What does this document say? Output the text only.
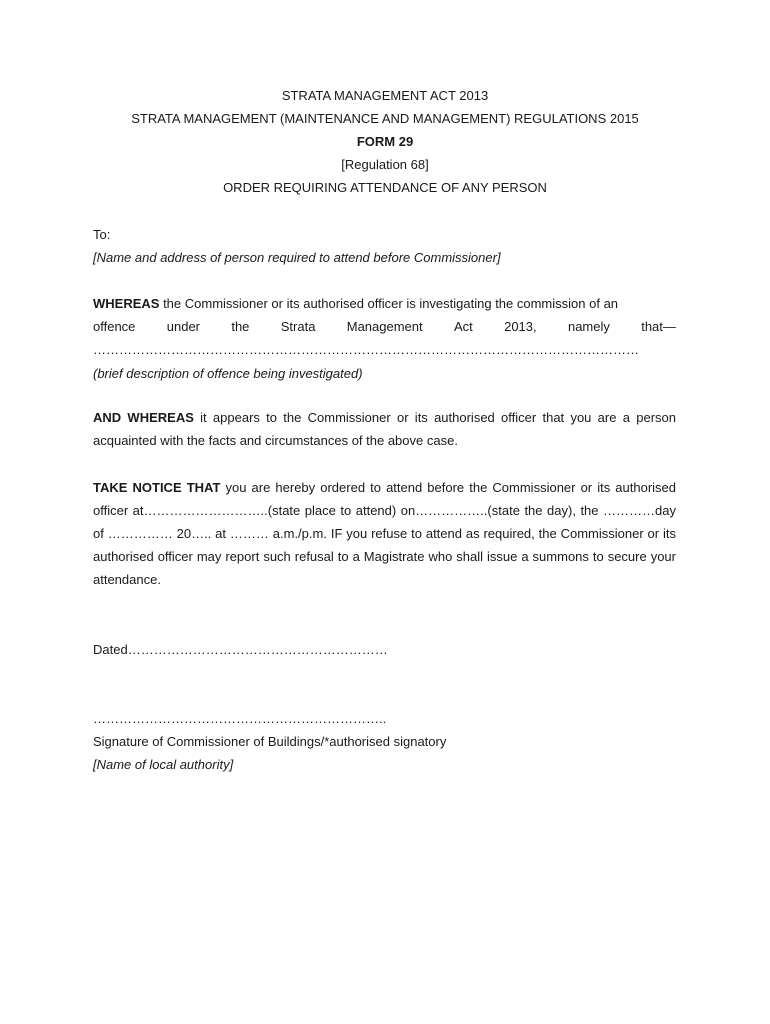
STRATA MANAGEMENT ACT 2013
STRATA MANAGEMENT (MAINTENANCE AND MANAGEMENT) REGULATIONS 2015
FORM 29
[Regulation 68]
ORDER REQUIRING ATTENDANCE OF ANY PERSON
To:
[Name and address of person required to attend before Commissioner]
WHEREAS the Commissioner or its authorised officer is investigating the commission of an
offence under the Strata Management Act 2013, namely that—
………………………………………………………………………………………………………………
(brief description of offence being investigated)
AND WHEREAS it appears to the Commissioner or its authorised officer that you are a person acquainted with the facts and circumstances of the above case.
TAKE NOTICE THAT you are hereby ordered to attend before the Commissioner or its authorised officer at………………………..(state place to attend) on……………..(state the day), the …………day of …………… 20….. at ……… a.m./p.m. IF you refuse to attend as required, the Commissioner or its authorised officer may report such refusal to a Magistrate who shall issue a summons to secure your attendance.
Dated……………………………………………………
…………………………………………………………..
Signature of Commissioner of Buildings/*authorised signatory
[Name of local authority]
